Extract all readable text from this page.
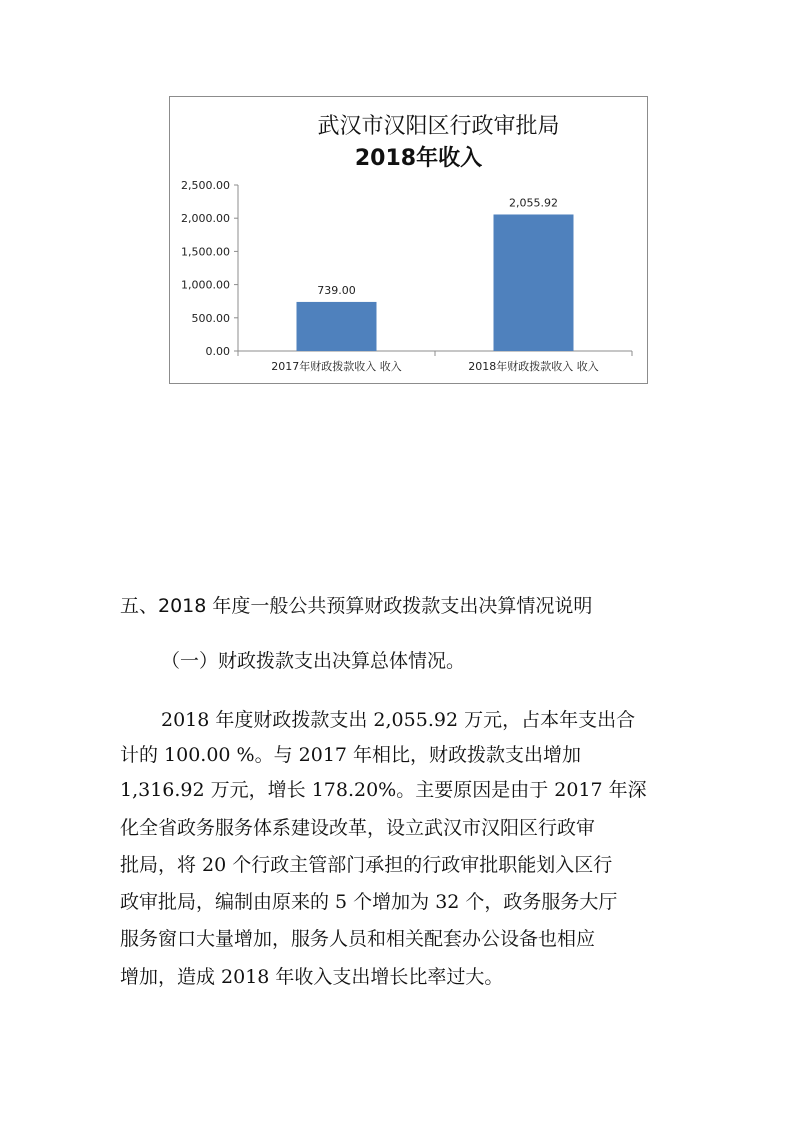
武汉市汉阳区行政审批局
2018年收入
0.00
500.00
1,000.00
1,500.00
2,000.00
2,500.00
739.00
2017年财政拨款收入 收入
2,055.92
2018年财政拨款收入 收入
五、2018 年度一般公共预算财政拨款支出决算情况说明
（一）财政拨款支出决算总体情况。
2018 年度财政拨款支出 2,055.92 万元，占本年支出合
计的 100.00 %。与 2017 年相比，财政拨款支出增加
1,316.92 万元，增长 178.20%。主要原因是由于 2017 年深
化全省政务服务体系建设改革，设立武汉市汉阳区行政审
批局，将 20 个行政主管部门承担的行政审批职能划入区行
政审批局，编制由原来的 5 个增加为 32 个，政务服务大厅
服务窗口大量增加，服务人员和相关配套办公设备也相应
增加，造成 2018 年收入支出增长比率过大。
